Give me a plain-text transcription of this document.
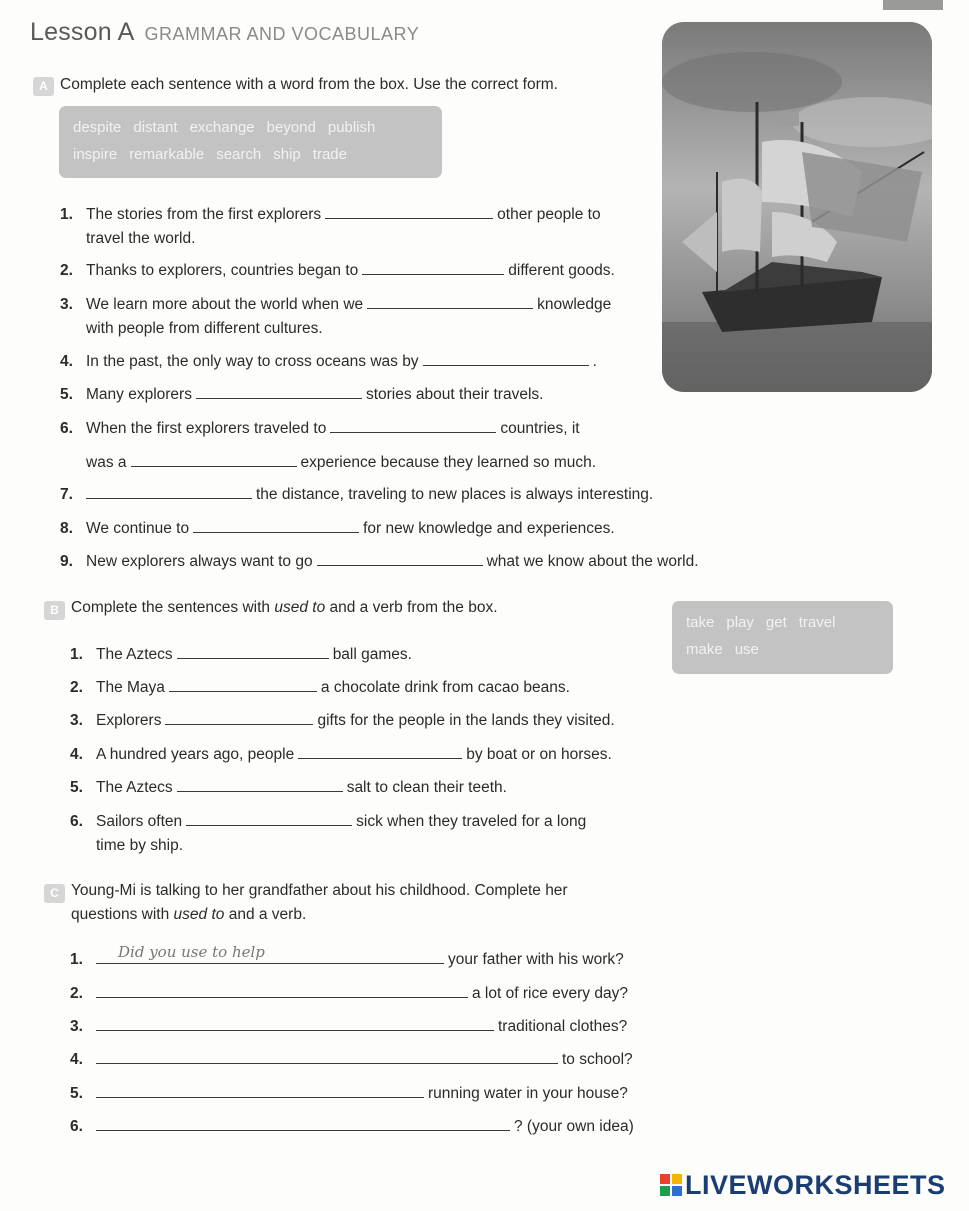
Lesson A GRAMMAR AND VOCABULARY
A Complete each sentence with a word from the box. Use the correct form.
despite distant exchange beyond publishinspire remarkable search ship trade
1. The stories from the first explorers	other people to
travel the world.
2. Thanks to explorers, countries began to	different goods.
3. We learn more about the world when we	knowledge
with people from different cultures.
4. In the past, the only way to cross oceans was by	.
5. Many explorers	stories about their travels.
6. When the first explorers traveled to	countries, it
was a	experience because they learned so much.
7.	the distance, traveling to new places is always interesting.
8. We continue to	for new knowledge and experiences.
9. New explorers always want to go	what we know about the world.
B Complete the sentences with used to and a verb from the box.
take play get travelmake use
1. The Aztecs	ball games.
2. The Maya	a chocolate drink from cacao beans.
3. Explorers	gifts for the people in the lands they visited.
4. A hundred years ago, people	by boat or on horses.
5. The Aztecs	salt to clean their teeth.
6. Sailors often	sick when they traveled for a long
time by ship.
C Young-Mi is talking to her grandfather about his childhood. Complete her
questions with used to and a verb.
Did you use to help
1.	your father with his work?
2.	a lot of rice every day?
3.	traditional clothes?
4.	to school?
5.	running water in your house?
6.	? (your own idea)
LIVEWORKSHEETS
